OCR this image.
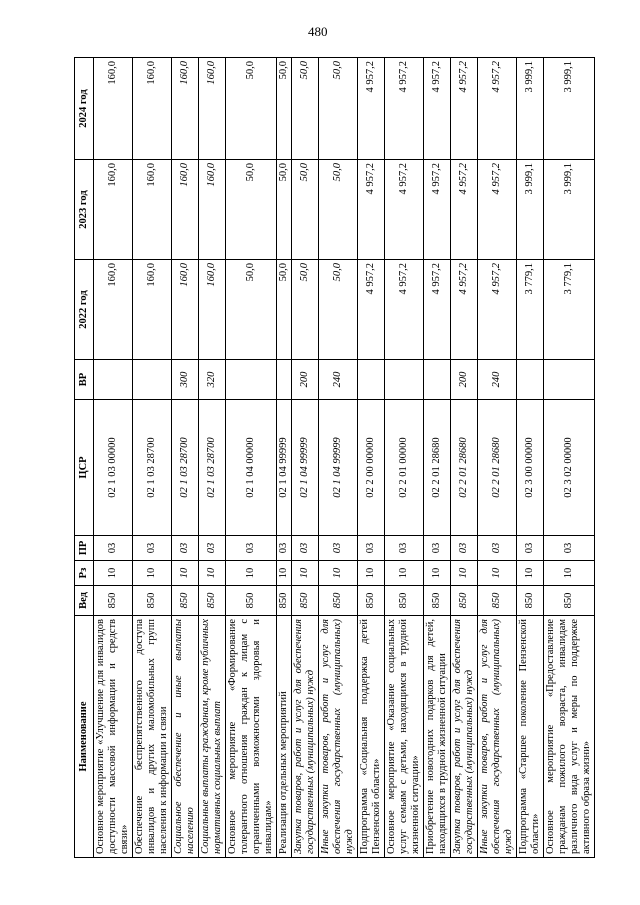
480
Наименование	Вед	Рз	ПР	ЦСР	ВР	2022 год	2023 год	2024 год
Основное мероприятие «Улучшение для инвалидов доступности массовой информации и средств связи»	850	10	03	02 1 03 00000		160,0	160,0	160,0
Обеспечение беспрепятственного доступа инвалидов и других маломобильных групп населения к информации и связи	850	10	03	02 1 03 28700		160,0	160,0	160,0
Социальное обеспечение и иные выплаты населению	850	10	03	02 1 03 28700	300	160,0	160,0	160,0
Социальные выплаты гражданам, кроме публичных нормативных социальных выплат	850	10	03	02 1 03 28700	320	160,0	160,0	160,0
Основное мероприятие «Формирование толерантного отношения граждан к лицам с ограниченными возможностями здоровья и инвалидам»	850	10	03	02 1 04 00000		50,0	50,0	50,0
Реализация отдельных мероприятий	850	10	03	02 1 04 99999		50,0	50,0	50,0
Закупка товаров, работ и услуг для обеспечения государственных (муниципальных) нужд	850	10	03	02 1 04 99999	200	50,0	50,0	50,0
Иные закупки товаров, работ и услуг для обеспечения государственных (муниципальных) нужд	850	10	03	02 1 04 99999	240	50,0	50,0	50,0
Подпрограмма «Социальная поддержка детей Пензенской области»	850	10	03	02 2 00 00000		4 957,2	4 957,2	4 957,2
Основное мероприятие «Оказание социальных услуг семьям с детьми, находящимся в трудной жизненной ситуации»	850	10	03	02 2 01 00000		4 957,2	4 957,2	4 957,2
Приобретение новогодних подарков для детей, находящихся в трудной жизненной ситуации	850	10	03	02 2 01 28680		4 957,2	4 957,2	4 957,2
Закупка товаров, работ и услуг для обеспечения государственных (муниципальных) нужд	850	10	03	02 2 01 28680	200	4 957,2	4 957,2	4 957,2
Иные закупки товаров, работ и услуг для обеспечения государственных (муниципальных) нужд	850	10	03	02 2 01 28680	240	4 957,2	4 957,2	4 957,2
Подпрограмма «Старшее поколение Пензенской области»	850	10	03	02 3 00 00000		3 779,1	3 999,1	3 999,1
Основное мероприятие «Предоставление гражданам пожилого возраста, инвалидам различного вида услуг и меры по поддержке активного образа жизни»	850	10	03	02 3 02 00000		3 779,1	3 999,1	3 999,1
